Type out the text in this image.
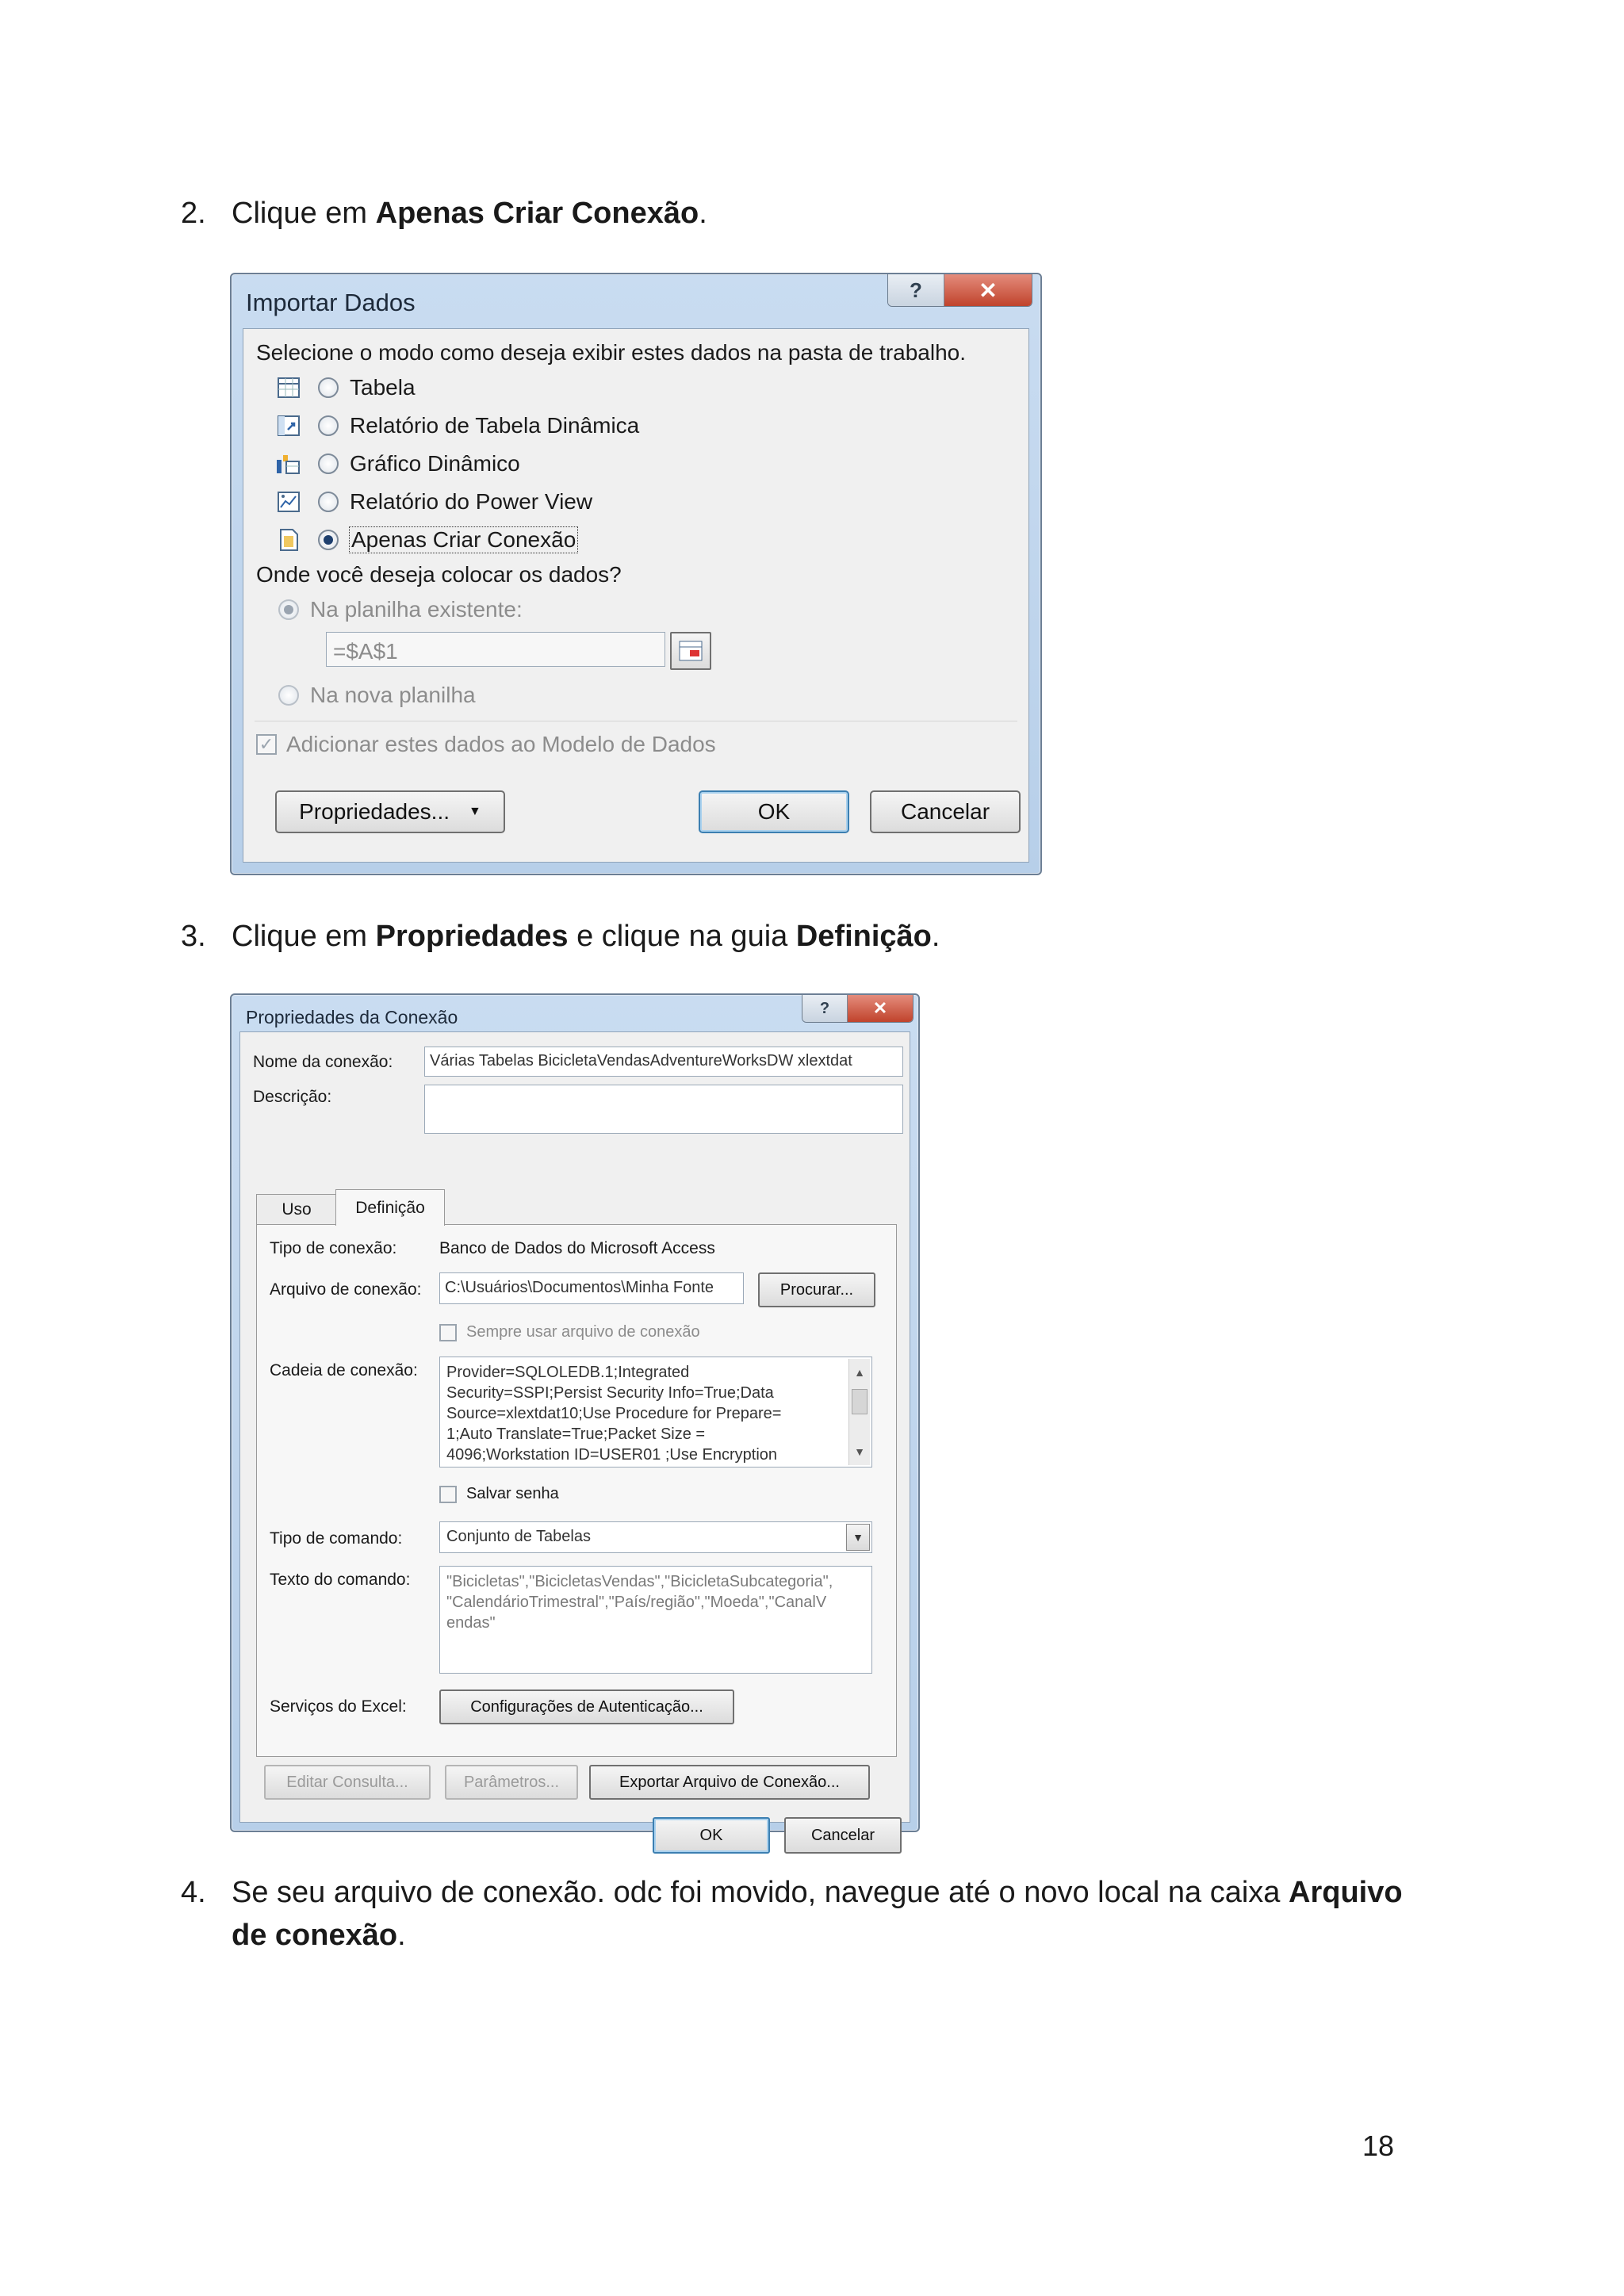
2. Clique em Apenas Criar Conexão.
Importar Dados	?	✕
Selecione o modo como deseja exibir estes dados na pasta de trabalho.
Tabela
Relatório de Tabela Dinâmica
Gráfico Dinâmico
Relatório do Power View
Apenas Criar Conexão
Onde você deseja colocar os dados?
Na planilha existente:
=$A$1
Na nova planilha
✓ Adicionar estes dados ao Modelo de Dados
Propriedades... ▼	OK	Cancelar
3. Clique em Propriedades e clique na guia Definição.
Propriedades da Conexão	?	✕
Nome da conexão:	Várias Tabelas BicicletaVendasAdventureWorksDW xlextdat
Descrição:
Uso	Definição
Tipo de conexão:	Banco de Dados do Microsoft Access
Arquivo de conexão:	C:\Usuários\Documentos\Minha Fonte	Procurar...
Sempre usar arquivo de conexão
Cadeia de conexão: Provider=SQLOLEDB.1;Integrated
Security=SSPI;Persist Security Info=True;Data
Source=xlextdat10;Use Procedure for Prepare=
1;Auto Translate=True;Packet Size =
4096;Workstation ID=USER01 ;Use Encryption
▲
▼
Salvar senha
Tipo de comando:	Conjunto de Tabelas	▼
Texto do comando: "Bicicletas","BicicletasVendas","BicicletaSubcategoria",
"CalendárioTrimestral","País/região","Moeda","CanalV
endas"
Serviços do Excel:	Configurações de Autenticação...
Editar Consulta...	Parâmetros...	Exportar Arquivo de Conexão...
OK	Cancelar
4. Se seu arquivo de conexão. odc foi movido, navegue até o novo local na caixa Arquivo
de conexão.
18
